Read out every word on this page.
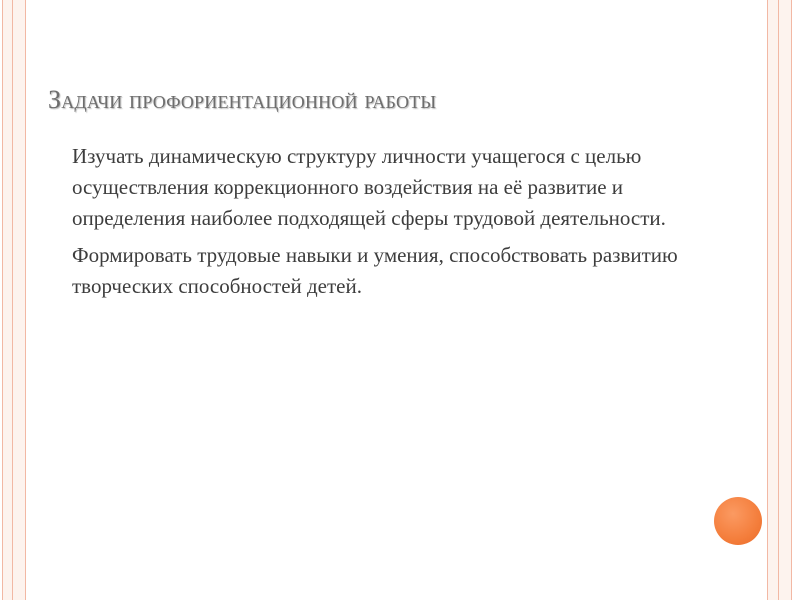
Задачи профориентационной работы
Изучать динамическую структуру личности учащегося с целью осуществления коррекционного воздействия на её развитие и определения наиболее подходящей сферы трудовой деятельности.
Формировать трудовые навыки и умения, способствовать развитию творческих способностей детей.
